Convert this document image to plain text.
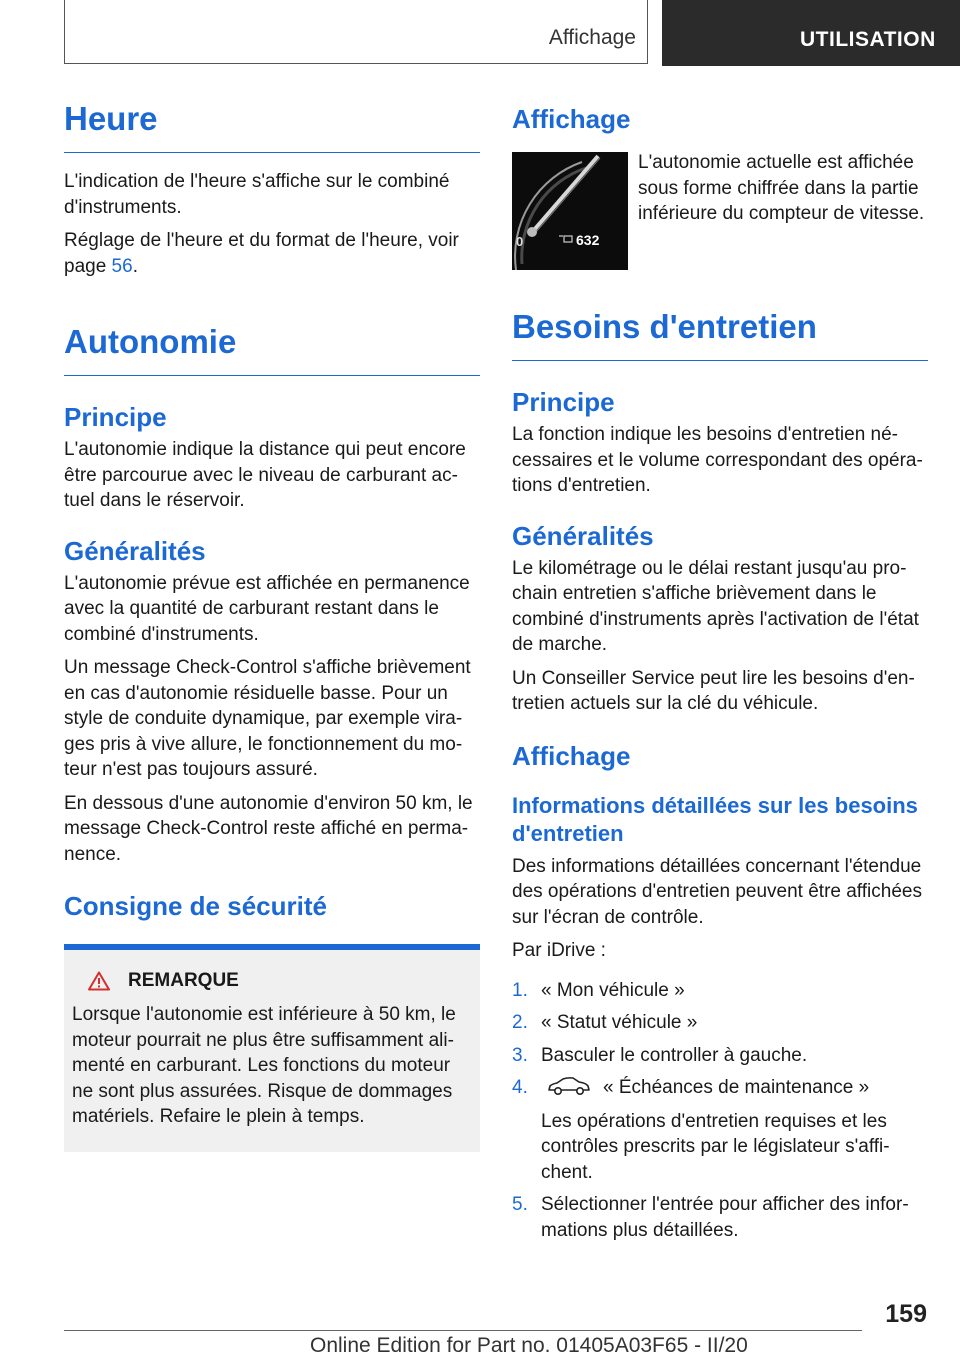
Affichage	UTILISATION
Heure

L'indication de l'heure s'affiche sur le combiné d'instruments.

Réglage de l'heure et du format de l'heure, voir page 56.

Autonomie
Principe

L'autonomie indique la distance qui peut encore être parcourue avec le niveau de carburant ac-tuel dans le réservoir.

Généralités

L'autonomie prévue est affichée en permanence avec la quantité de carburant restant dans le combiné d'instruments.

Un message Check-Control s'affiche brièvement en cas d'autonomie résiduelle basse. Pour un style de conduite dynamique, par exemple vira-ges pris à vive allure, le fonctionnement du mo-teur n'est pas toujours assuré.

En dessous d'une autonomie d'environ 50 km, le message Check-Control reste affiché en perma-nence.

Consigne de sécurité
REMARQUE

Lorsque l'autonomie est inférieure à 50 km, le moteur pourrait ne plus être suffisamment ali-menté en carburant. Les fonctions du moteur ne sont plus assurées. Risque de dommages matériels. Refaire le plein à temps.

Affichage
0	632

L'autonomie actuelle est affichée sous forme chiffrée dans la partie inférieure du compteur de vitesse.

Besoins d'entretien
Principe

La fonction indique les besoins d'entretien né-cessaires et le volume correspondant des opéra-tions d'entretien.

Généralités

Le kilométrage ou le délai restant jusqu'au pro-chain entretien s'affiche brièvement dans le combiné d'instruments après l'activation de l'état de marche.

Un Conseiller Service peut lire les besoins d'en-tretien actuels sur la clé du véhicule.

Affichage
Informations détaillées sur les besoins d'entretien

Des informations détaillées concernant l'étendue des opérations d'entretien peuvent être affichées sur l'écran de contrôle.

Par iDrive :

1. « Mon véhicule »
2. « Statut véhicule »
3. Basculer le controller à gauche.
4.	« Échéances de maintenance »
Les opérations d'entretien requises et les contrôles prescrits par le législateur s'affi-chent.
5. Sélectionner l'entrée pour afficher des infor-mations plus détaillées.
159
Online Edition for Part no. 01405A03F65 - II/20
